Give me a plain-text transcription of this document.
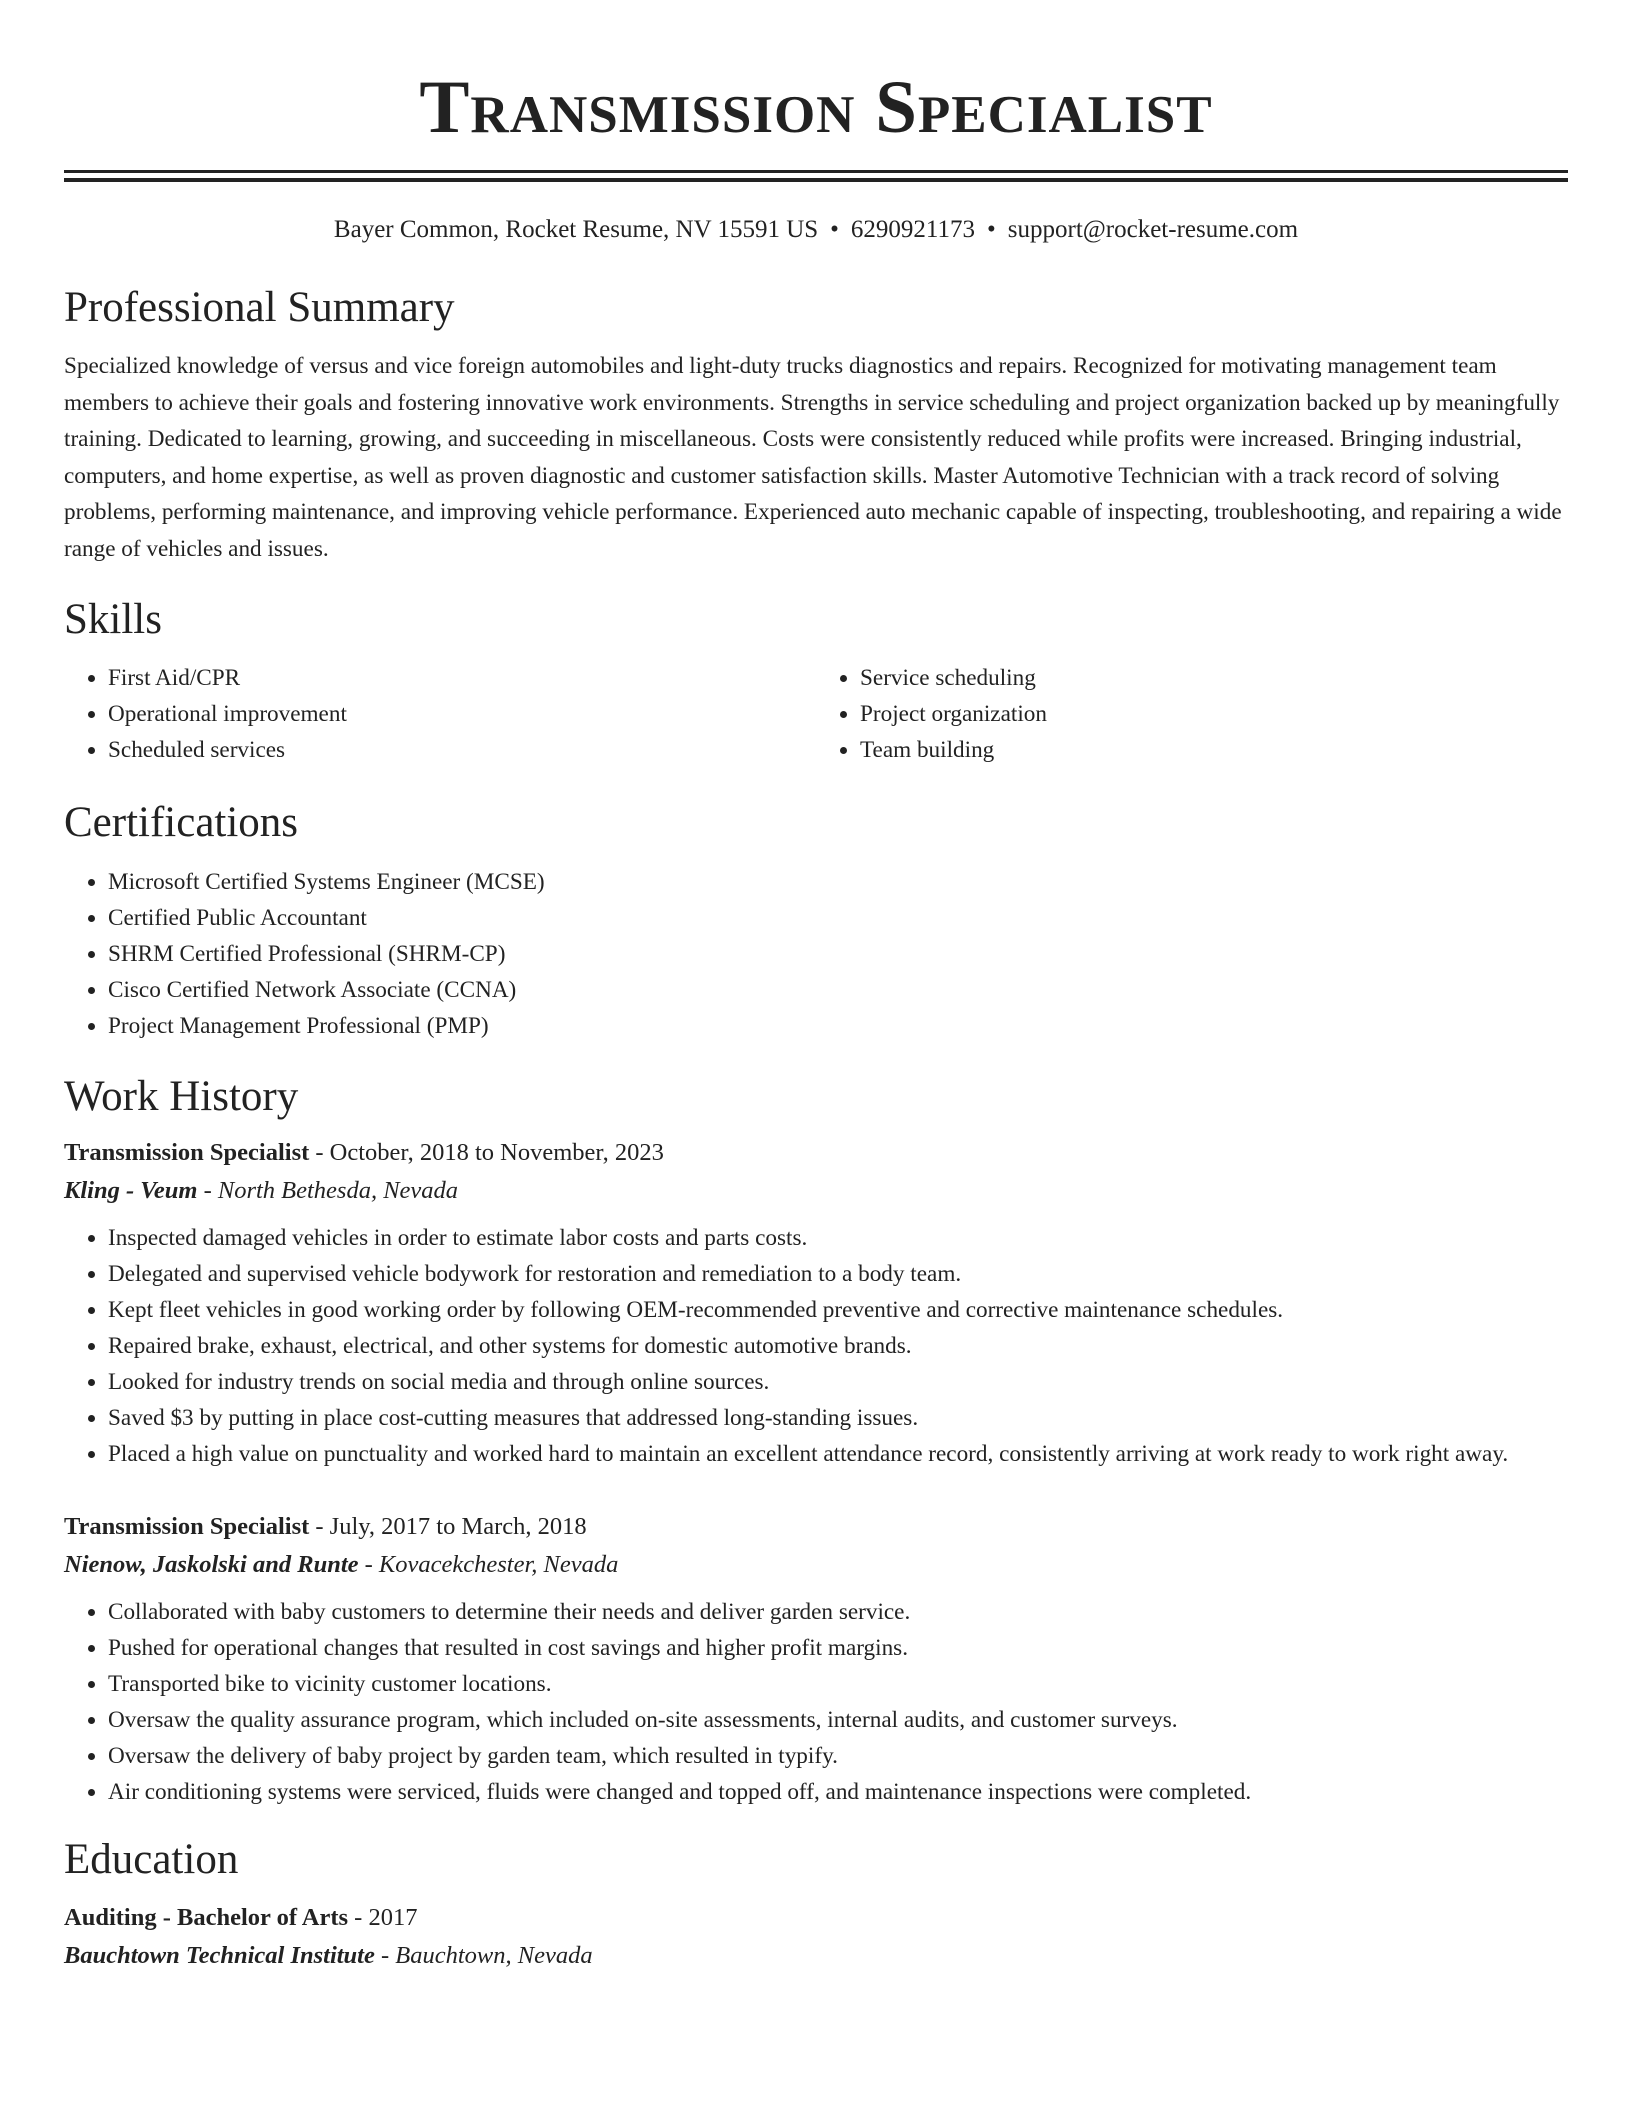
Transmission Specialist
Bayer Common, Rocket Resume, NV 15591 US • 6290921173 • support@rocket-resume.com
Professional Summary
Specialized knowledge of versus and vice foreign automobiles and light-duty trucks diagnostics and repairs. Recognized for motivating management team members to achieve their goals and fostering innovative work environments. Strengths in service scheduling and project organization backed up by meaningfully training. Dedicated to learning, growing, and succeeding in miscellaneous. Costs were consistently reduced while profits were increased. Bringing industrial, computers, and home expertise, as well as proven diagnostic and customer satisfaction skills. Master Automotive Technician with a track record of solving problems, performing maintenance, and improving vehicle performance. Experienced auto mechanic capable of inspecting, troubleshooting, and repairing a wide range of vehicles and issues.
Skills
• First Aid/CPR
• Operational improvement
• Scheduled services
• Service scheduling
• Project organization
• Team building
Certifications
• Microsoft Certified Systems Engineer (MCSE)
• Certified Public Accountant
• SHRM Certified Professional (SHRM-CP)
• Cisco Certified Network Associate (CCNA)
• Project Management Professional (PMP)
Work History
Transmission Specialist - October, 2018 to November, 2023
Kling - Veum - North Bethesda, Nevada
• Inspected damaged vehicles in order to estimate labor costs and parts costs.
• Delegated and supervised vehicle bodywork for restoration and remediation to a body team.
• Kept fleet vehicles in good working order by following OEM-recommended preventive and corrective maintenance schedules.
• Repaired brake, exhaust, electrical, and other systems for domestic automotive brands.
• Looked for industry trends on social media and through online sources.
• Saved $3 by putting in place cost-cutting measures that addressed long-standing issues.
• Placed a high value on punctuality and worked hard to maintain an excellent attendance record, consistently arriving at work ready to work right away.
Transmission Specialist - July, 2017 to March, 2018
Nienow, Jaskolski and Runte - Kovacekchester, Nevada
• Collaborated with baby customers to determine their needs and deliver garden service.
• Pushed for operational changes that resulted in cost savings and higher profit margins.
• Transported bike to vicinity customer locations.
• Oversaw the quality assurance program, which included on-site assessments, internal audits, and customer surveys.
• Oversaw the delivery of baby project by garden team, which resulted in typify.
• Air conditioning systems were serviced, fluids were changed and topped off, and maintenance inspections were completed.
Education
Auditing - Bachelor of Arts - 2017
Bauchtown Technical Institute - Bauchtown, Nevada
